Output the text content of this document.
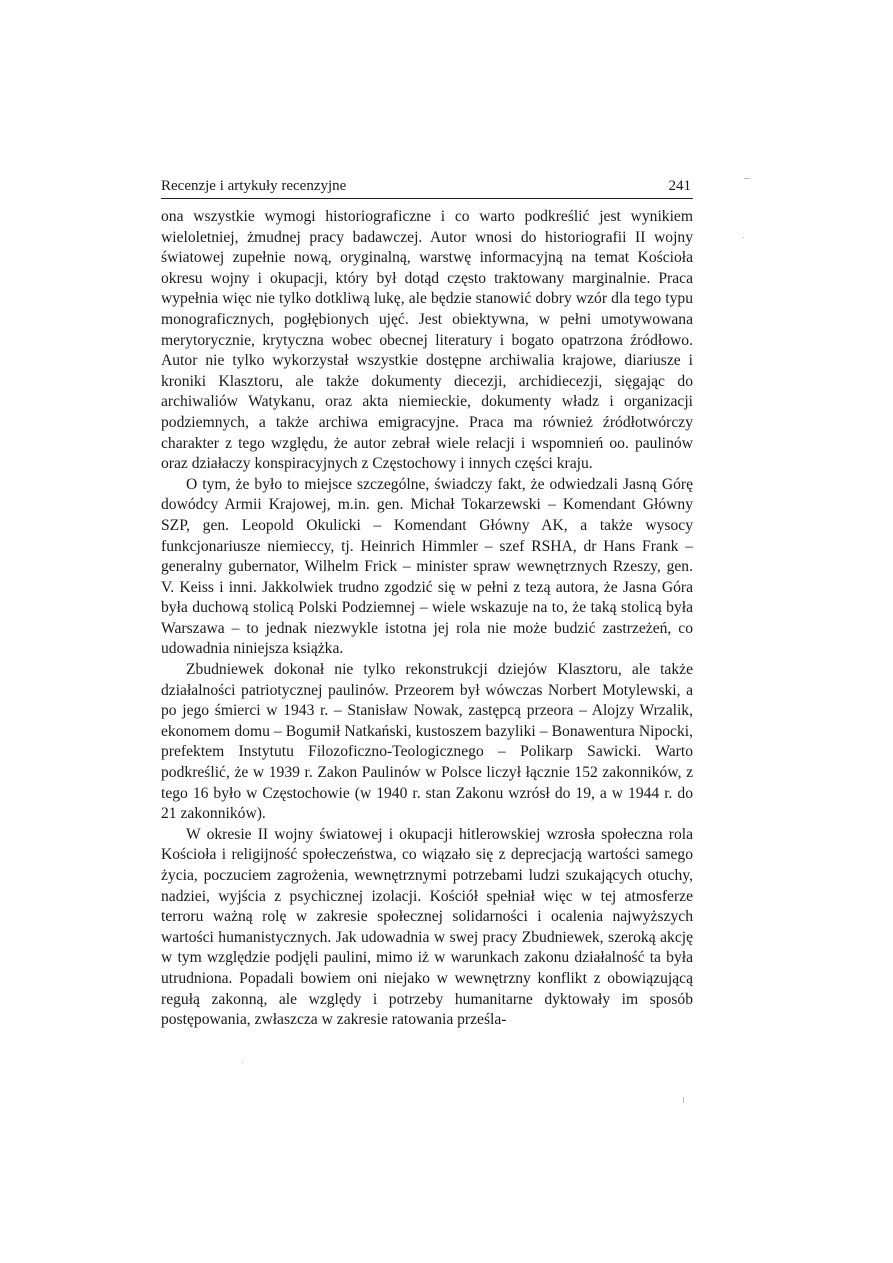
Recenzje i artykuły recenzyjne	241

ona wszystkie wymogi historiograficzne i co warto podkreślić jest wynikiem wieloletniej, żmudnej pracy badawczej. Autor wnosi do historiografii II wojny światowej zupełnie nową, oryginalną, warstwę informacyjną na temat Kościoła okresu wojny i okupacji, który był dotąd często traktowany marginalnie. Praca wypełnia więc nie tylko dotkliwą lukę, ale będzie stanowić dobry wzór dla tego typu monograficznych, pogłębionych ujęć. Jest obiektywna, w pełni umotywowana merytorycznie, krytyczna wobec obecnej literatury i bogato opatrzona źródłowo. Autor nie tylko wykorzystał wszystkie dostępne archiwalia krajowe, diariusze i kroniki Klasztoru, ale także dokumenty diecezji, archidiecezji, sięgając do archiwaliów Watykanu, oraz akta niemieckie, dokumenty władz i organizacji podziemnych, a także archiwa emigracyjne. Praca ma również źródłotwórczy charakter z tego względu, że autor zebrał wiele relacji i wspomnień oo. paulinów oraz działaczy konspiracyjnych z Częstochowy i innych części kraju.

O tym, że było to miejsce szczególne, świadczy fakt, że odwiedzali Jasną Górę dowódcy Armii Krajowej, m.in. gen. Michał Tokarzewski – Komendant Główny SZP, gen. Leopold Okulicki – Komendant Główny AK, a także wysocy funkcjonariusze niemieccy, tj. Heinrich Himmler – szef RSHA, dr Hans Frank – generalny gubernator, Wilhelm Frick – minister spraw wewnętrznych Rzeszy, gen. V. Keiss i inni. Jakkolwiek trudno zgodzić się w pełni z tezą autora, że Jasna Góra była duchową stolicą Polski Podziemnej – wiele wskazuje na to, że taką stolicą była Warszawa – to jednak niezwykle istotna jej rola nie może budzić zastrzeżeń, co udowadnia niniejsza książka.

Zbudniewek dokonał nie tylko rekonstrukcji dziejów Klasztoru, ale także działalności patriotycznej paulinów. Przeorem był wówczas Norbert Motylewski, a po jego śmierci w 1943 r. – Stanisław Nowak, zastępcą przeora – Alojzy Wrzalik, ekonomem domu – Bogumił Natkański, kustoszem bazyliki – Bonawentura Nipocki, prefektem Instytutu Filozoficzno-Teologicznego – Polikarp Sawicki. Warto podkreślić, że w 1939 r. Zakon Paulinów w Polsce liczył łącznie 152 zakonników, z tego 16 było w Częstochowie (w 1940 r. stan Zakonu wzrósł do 19, a w 1944 r. do 21 zakonników).

W okresie II wojny światowej i okupacji hitlerowskiej wzrosła społeczna rola Kościoła i religijność społeczeństwa, co wiązało się z deprecjacją wartości samego życia, poczuciem zagrożenia, wewnętrznymi potrzebami ludzi szukających otuchy, nadziei, wyjścia z psychicznej izolacji. Kościół spełniał więc w tej atmosferze terroru ważną rolę w zakresie społecznej solidarności i ocalenia najwyższych wartości humanistycznych. Jak udowadnia w swej pracy Zbudniewek, szeroką akcję w tym względzie podjęli paulini, mimo iż w warunkach zakonu działalność ta była utrudniona. Popadali bowiem oni niejako w wewnętrzny konflikt z obowiązującą regułą zakonną, ale względy i potrzeby humanitarne dyktowały im sposób postępowania, zwłaszcza w zakresie ratowania prześla-
